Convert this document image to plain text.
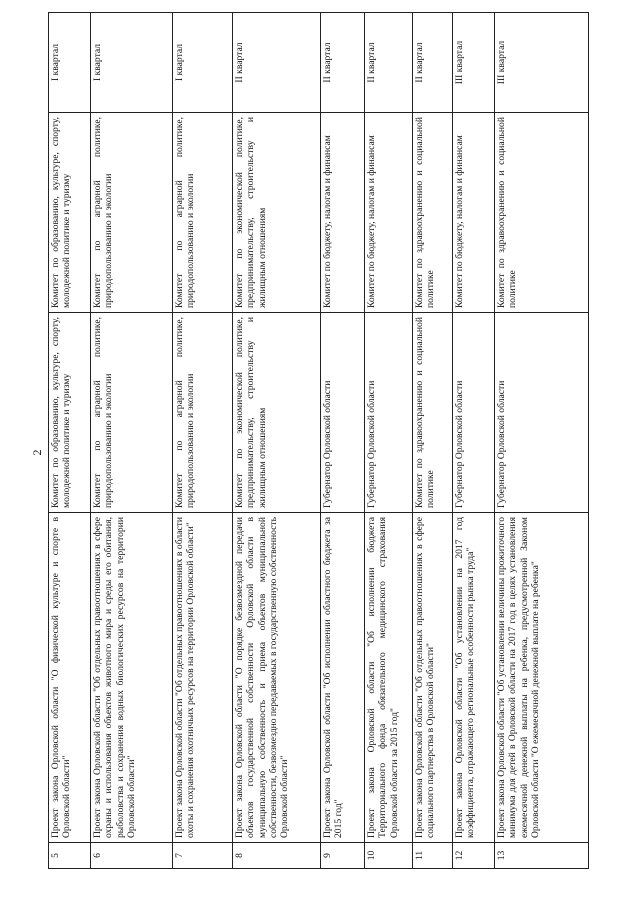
2
5	Проект закона Орловской области "О физической культуре и спорте в Орловской области"	Комитет по образованию, культуре, спорту, молодежной политике и туризму	Комитет по образованию, культуре, спорту, молодежной политике и туризму	I квартал
6	Проект закона Орловской области "Об отдельных правоотношениях в сфере охраны и использования объектов животного мира и среды его обитания, рыболовства и сохранения водных биологических ресурсов на территории Орловской области"	Комитет по аграрной политике, природопользованию и экологии	Комитет по аграрной политике, природопользованию и экологии	I квартал
7	Проект закона Орловской области "Об отдельных правоотношениях в области охоты и сохранения охотничьих ресурсов на территории Орловской области"	Комитет по аграрной политике, природопользованию и экологии	Комитет по аграрной политике, природопользованию и экологии	I квартал
8	Проект закона Орловской области "О порядке безвозмездной передачи объектов государственной собственности Орловской области в муниципальную собственность и приема объектов муниципальной собственности, безвозмездно передаваемых в государственную собственность Орловской области"	Комитет по экономической политике, предпринимательству, строительству и жилищным отношениям	Комитет по экономической политике, предпринимательству, строительству и жилищным отношениям	II квартал
9	Проект закона Орловской области "Об исполнении областного бюджета за 2015 год"	Губернатор Орловской области	Комитет по бюджету, налогам и финансам	II квартал
10	Проект закона Орловской области "Об исполнении бюджета Территориального фонда обязательного медицинского страхования Орловской области за 2015 год"	Губернатор Орловской области	Комитет по бюджету, налогам и финансам	II квартал
11	Проект закона Орловской области "Об отдельных правоотношениях в сфере социального партнерства в Орловской области"	Комитет по здравоохранению и социальной политике	Комитет по здравоохранению и социальной политике	II квартал
12	Проект закона Орловской области "Об установлении на 2017 год коэффициента, отражающего региональные особенности рынка труда"	Губернатор Орловской области	Комитет по бюджету, налогам и финансам	III квартал
13	Проект закона Орловской области "Об установлении величины прожиточного минимума для детей в Орловской области на 2017 год в целях установления ежемесячной денежной выплаты на ребенка, предусмотренной Законом Орловской области "О ежемесячной денежной выплате на ребенка"	Губернатор Орловской области	Комитет по здравоохранению и социальной политике	III квартал
